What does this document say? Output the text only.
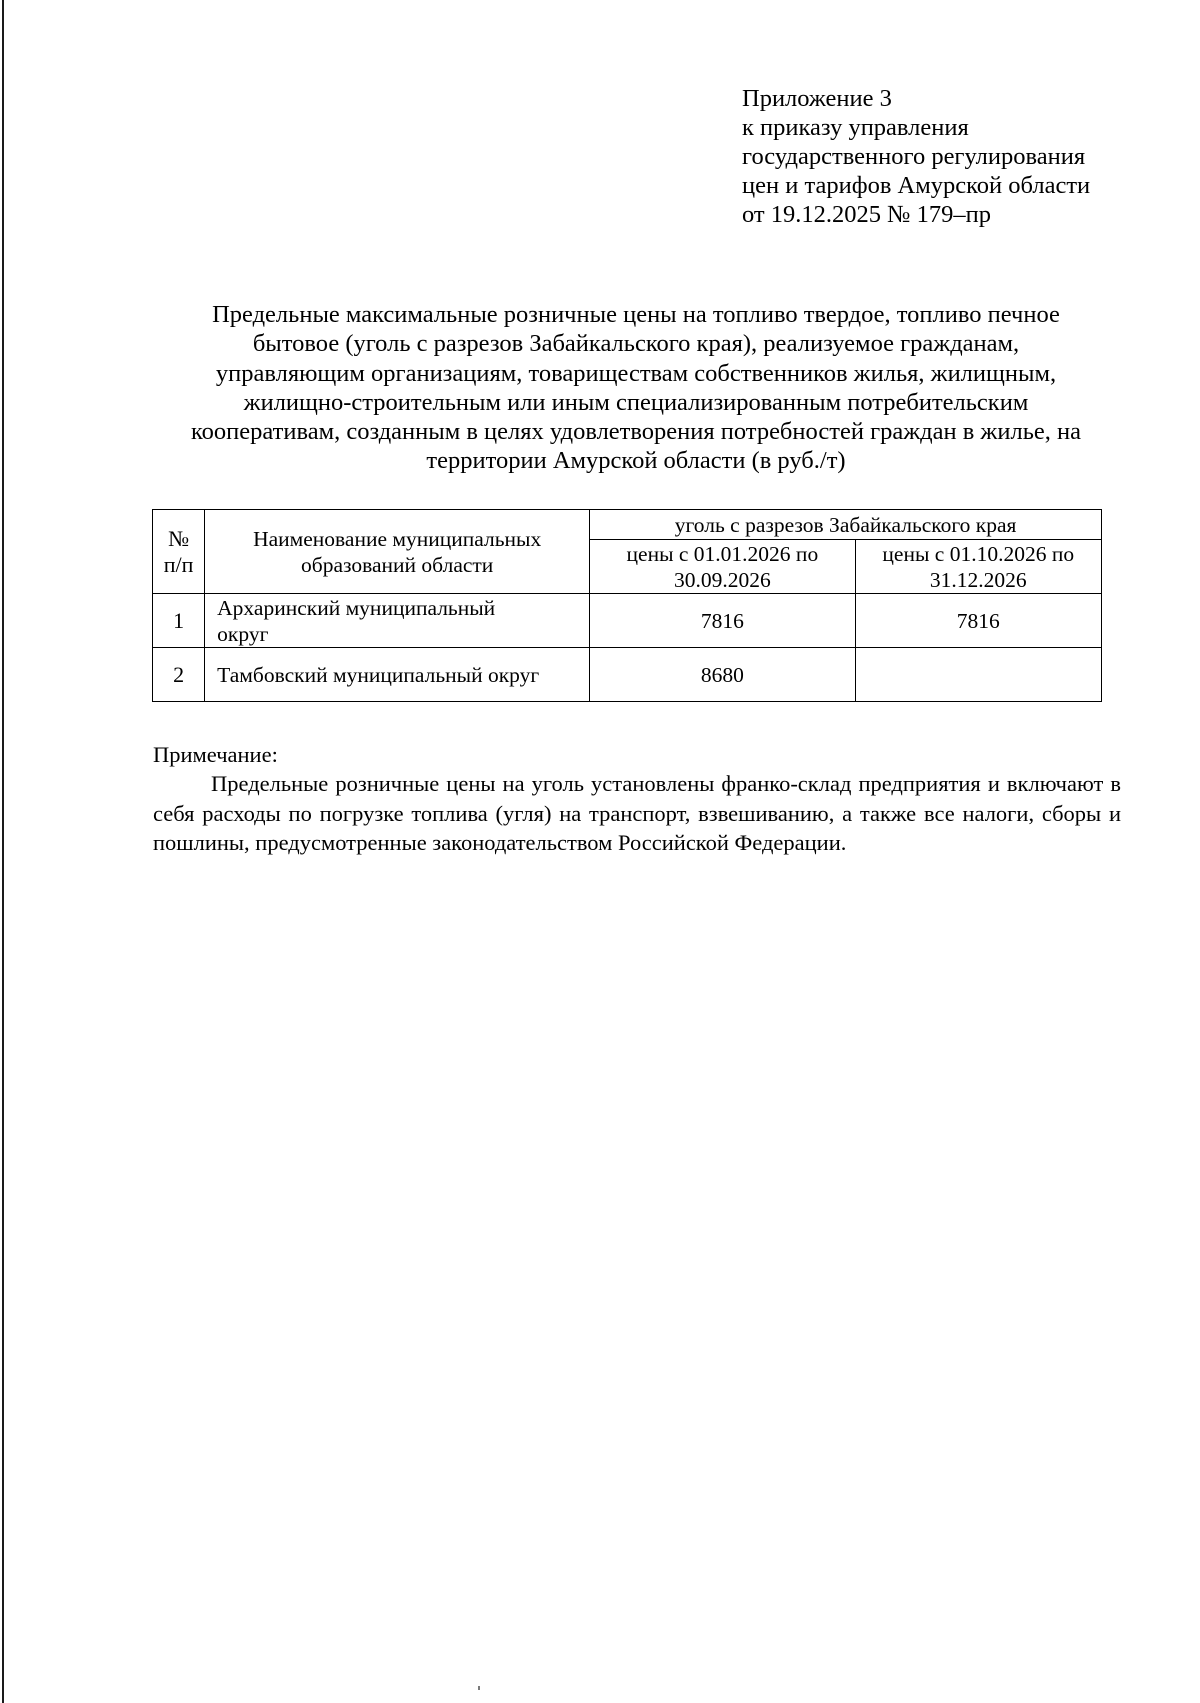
Приложение 3
к приказу управления
государственного регулирования
цен и тарифов Амурской области
от 19.12.2025 № 179–пр
Предельные максимальные розничные цены на топливо твердое, топливо печное
бытовое (уголь с разрезов Забайкальского края), реализуемое гражданам,
управляющим организациям, товариществам собственников жилья, жилищным,
жилищно-строительным или иным специализированным потребительским
кооперативам, созданным в целях удовлетворения потребностей граждан в жилье, на
территории Амурской области (в руб./т)
№ п/п	Наименование муниципальных образований области	уголь с разрезов Забайкальского края	
		цены с 01.01.2026 по 30.09.2026	цены с 01.10.2026 по 31.12.2026
1	Архаринский муниципальный округ	7816	7816
2	Тамбовский муниципальный округ	8680	
Примечание:
Предельные розничные цены на уголь установлены франко-склад предприятия и включают в себя расходы по погрузке топлива (угля) на транспорт, взвешиванию, а также все налоги, сборы и пошлины, предусмотренные законодательством Российской Федерации.
